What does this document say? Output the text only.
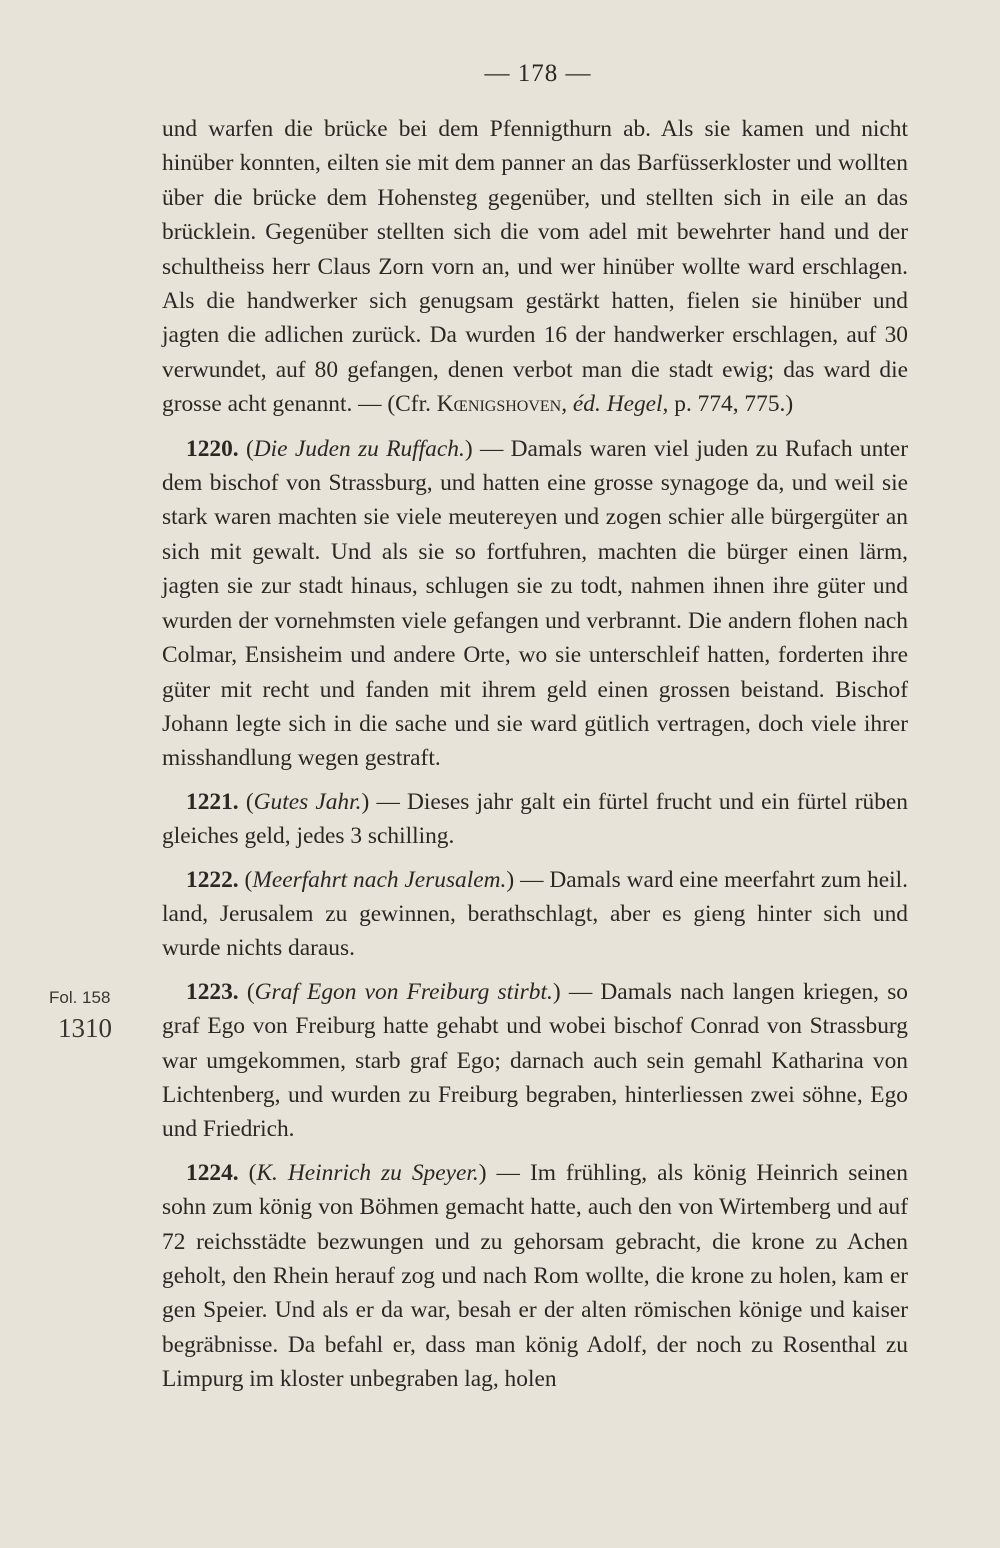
— 178 —
Fol. 158
1310

und warfen die brücke bei dem Pfennigthurn ab. Als sie kamen und nicht hinüber konnten, eilten sie mit dem panner an das Barfüsserkloster und wollten über die brücke dem Hohensteg gegenüber, und stellten sich in eile an das brücklein. Gegenüber stellten sich die vom adel mit bewehrter hand und der schultheiss herr Claus Zorn vorn an, und wer hinüber wollte ward erschlagen. Als die handwerker sich genugsam gestärkt hatten, fielen sie hinüber und jagten die adlichen zurück. Da wurden 16 der handwerker erschlagen, auf 30 verwundet, auf 80 gefangen, denen verbot man die stadt ewig; das ward die grosse acht genannt. — (Cfr. Kœnigshoven, éd. Hegel, p. 774, 775.)

1220. (Die Juden zu Ruffach.) — Damals waren viel juden zu Rufach unter dem bischof von Strassburg, und hatten eine grosse synagoge da, und weil sie stark waren machten sie viele meutereyen und zogen schier alle bürgergüter an sich mit gewalt. Und als sie so fortfuhren, machten die bürger einen lärm, jagten sie zur stadt hinaus, schlugen sie zu todt, nahmen ihnen ihre güter und wurden der vornehmsten viele gefangen und verbrannt. Die andern flohen nach Colmar, Ensisheim und andere Orte, wo sie unterschleif hatten, forderten ihre güter mit recht und fanden mit ihrem geld einen grossen beistand. Bischof Johann legte sich in die sache und sie ward gütlich vertragen, doch viele ihrer misshandlung wegen gestraft.

1221. (Gutes Jahr.) — Dieses jahr galt ein fürtel frucht und ein fürtel rüben gleiches geld, jedes 3 schilling.

1222. (Meerfahrt nach Jerusalem.) — Damals ward eine meerfahrt zum heil. land, Jerusalem zu gewinnen, berathschlagt, aber es gieng hinter sich und wurde nichts daraus.

1223. (Graf Egon von Freiburg stirbt.) — Damals nach langen kriegen, so graf Ego von Freiburg hatte gehabt und wobei bischof Conrad von Strassburg war umgekommen, starb graf Ego; darnach auch sein gemahl Katharina von Lichtenberg, und wurden zu Freiburg begraben, hinterliessen zwei söhne, Ego und Friedrich.

1224. (K. Heinrich zu Speyer.) — Im frühling, als könig Heinrich seinen sohn zum könig von Böhmen gemacht hatte, auch den von Wirtemberg und auf 72 reichsstädte bezwungen und zu gehorsam gebracht, die krone zu Achen geholt, den Rhein herauf zog und nach Rom wollte, die krone zu holen, kam er gen Speier. Und als er da war, besah er der alten römischen könige und kaiser begräbnisse. Da befahl er, dass man könig Adolf, der noch zu Rosenthal zu Limpurg im kloster unbegraben lag, holen
